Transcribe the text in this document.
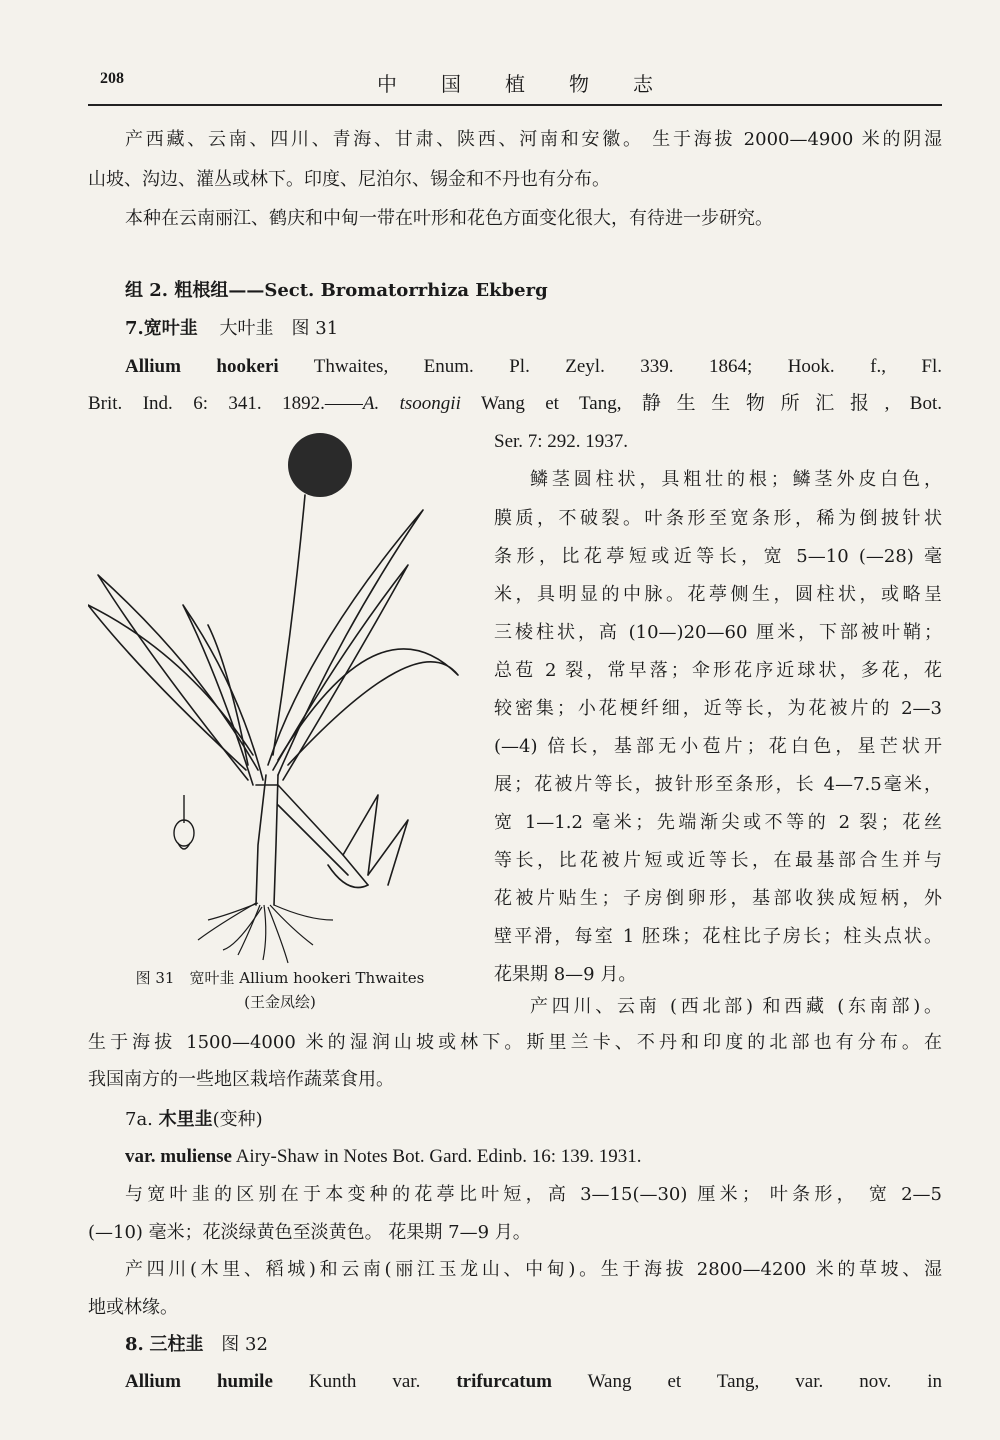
208	中国植物志
产西藏、云南、四川、青海、甘肃、陕西、河南和安徽。 生于海拔 2000—4900 米的阴湿
山坡、沟边、灌丛或林下。印度、尼泊尔、锡金和不丹也有分布。
本种在云南丽江、鹤庆和中甸一带在叶形和花色方面变化很大，有待进一步研究。
组 2. 粗根组——Sect. Bromatorrhiza Ekberg
7.宽叶韭 大叶韭　图 31
Allium hookeri Thwaites, Enum. Pl. Zeyl. 339. 1864; Hook. f., Fl.
Brit. Ind. 6: 341. 1892.——A. tsoongii Wang et Tang, 静生生物所汇报, Bot.
Ser. 7: 292. 1937.
鳞茎圆柱状，具粗壮的根；鳞茎外皮白色，
膜质，不破裂。叶条形至宽条形，稀为倒披针状
条形，比花葶短或近等长，宽 5—10 (—28) 毫
米，具明显的中脉。花葶侧生，圆柱状，或略呈
三棱柱状，高 (10—)20—60 厘米，下部被叶鞘；
总苞 2 裂，常早落；伞形花序近球状，多花，花
较密集；小花梗纤细，近等长，为花被片的 2—3
(—4) 倍长，基部无小苞片；花白色，星芒状开
展；花被片等长，披针形至条形，长 4—7.5毫米，
宽 1—1.2 毫米；先端渐尖或不等的 2 裂；花丝
等长，比花被片短或近等长，在最基部合生并与
花被片贴生；子房倒卵形，基部收狭成短柄，外
壁平滑，每室 1 胚珠；花柱比子房长；柱头点状。
花果期 8—9 月。
产四川、云南 (西北部) 和西藏 (东南部)。
生于海拔 1500—4000 米的湿润山坡或林下。斯里兰卡、不丹和印度的北部也有分布。在
我国南方的一些地区栽培作蔬菜食用。
图 31　宽叶韭 Allium hookeri Thwaites
(王金凤绘)
7a. 木里韭(变种)
var. muliense Airy-Shaw in Notes Bot. Gard. Edinb. 16: 139. 1931.
与宽叶韭的区别在于本变种的花葶比叶短，高 3—15(—30) 厘米； 叶条形， 宽 2—5
(—10) 毫米；花淡绿黄色至淡黄色。 花果期 7—9 月。
产四川(木里、稻城)和云南(丽江玉龙山、中甸)。生于海拔 2800—4200 米的草坡、湿
地或林缘。
8. 三柱韭 图 32
Allium humile Kunth var. trifurcatum Wang et Tang, var. nov. in
